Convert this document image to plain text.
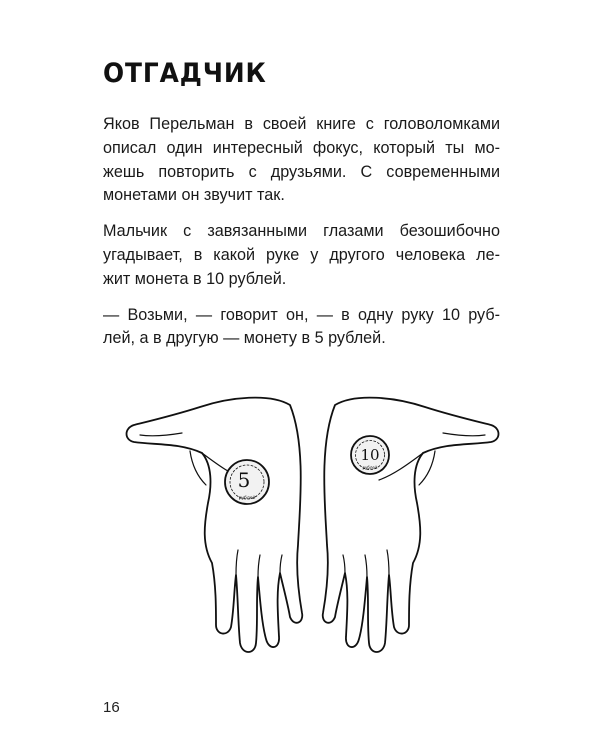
ОТГАДЧИК

Яков Перельман в своей книге с головоломками
описал один интересный фокус, который ты мо-
жешь повторить с друзьями. С современными
монетами он звучит так.

Мальчик с завязанными глазами безошибочно
угадывает, в какой руке у другого человека ле-
жит монета в 10 рублей.

— Возьми, — говорит он, — в одну руку 10 руб-
лей, а в другую — монету в 5 рублей.

5
рублей
10
рублей
16
